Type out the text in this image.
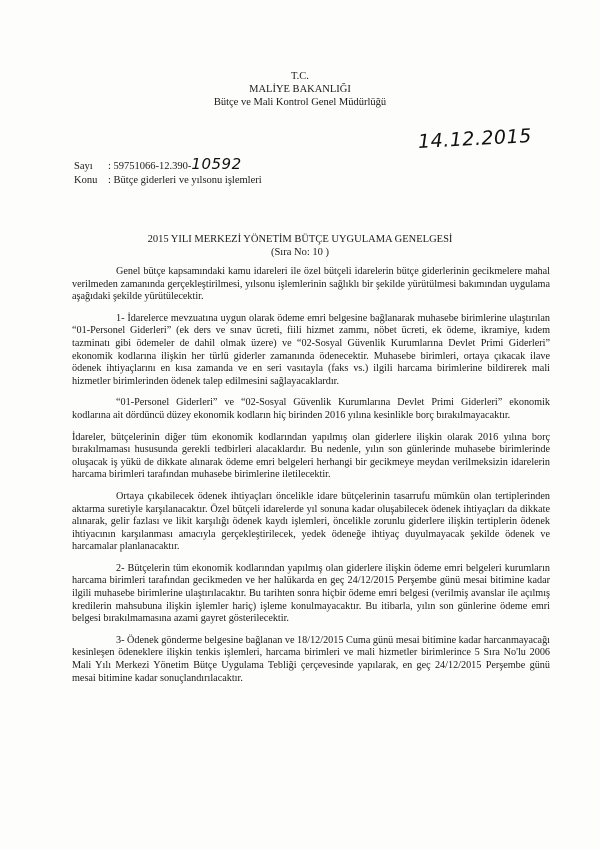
T.C.
MALİYE BAKANLIĞI
Bütçe ve Mali Kontrol Genel Müdürlüğü
Sayı : 59751066-12.390-10592
Konu : Bütçe giderleri ve yılsonu işlemleri
14.12.2015
2015 YILI MERKEZİ YÖNETİM BÜTÇE UYGULAMA GENELGESİ
(Sıra No: 10 )

Genel bütçe kapsamındaki kamu idareleri ile özel bütçeli idarelerin bütçe giderlerinin gecikmelere mahal verilmeden zamanında gerçekleştirilmesi, yılsonu işlemlerinin sağlıklı bir şekilde yürütülmesi bakımından uygulama aşağıdaki şekilde yürütülecektir.

1- İdarelerce mevzuatına uygun olarak ödeme emri belgesine bağlanarak muhasebe birimlerine ulaştırılan “01-Personel Giderleri” (ek ders ve sınav ücreti, fiili hizmet zammı, nöbet ücreti, ek ödeme, ikramiye, kıdem tazminatı gibi ödemeler de dahil olmak üzere) ve “02-Sosyal Güvenlik Kurumlarına Devlet Primi Giderleri” ekonomik kodlarına ilişkin her türlü giderler zamanında ödenecektir. Muhasebe birimleri, ortaya çıkacak ilave ödenek ihtiyaçlarını en kısa zamanda ve en seri vasıtayla (faks vs.) ilgili harcama birimlerine bildirerek mali hizmetler birimlerinden ödenek talep edilmesini sağlayacaklardır.

“01-Personel Giderleri” ve “02-Sosyal Güvenlik Kurumlarına Devlet Primi Giderleri” ekonomik kodlarına ait dördüncü düzey ekonomik kodların hiç birinden 2016 yılına kesinlikle borç bırakılmayacaktır.

İdareler, bütçelerinin diğer tüm ekonomik kodlarından yapılmış olan giderlere ilişkin olarak 2016 yılına borç bırakılmaması hususunda gerekli tedbirleri alacaklardır. Bu nedenle, yılın son günlerinde muhasebe birimlerinde oluşacak iş yükü de dikkate alınarak ödeme emri belgeleri herhangi bir gecikmeye meydan verilmeksizin idarelerin harcama birimleri tarafından muhasebe birimlerine iletilecektir.

Ortaya çıkabilecek ödenek ihtiyaçları öncelikle idare bütçelerinin tasarrufu mümkün olan tertiplerinden aktarma suretiyle karşılanacaktır. Özel bütçeli idarelerde yıl sonuna kadar oluşabilecek ödenek ihtiyaçları da dikkate alınarak, gelir fazlası ve likit karşılığı ödenek kaydı işlemleri, öncelikle zorunlu giderlere ilişkin tertiplerin ödenek ihtiyacının karşılanması amacıyla gerçekleştirilecek, yedek ödeneğe ihtiyaç duyulmayacak şekilde ödenek ve harcamalar planlanacaktır.

2- Bütçelerin tüm ekonomik kodlarından yapılmış olan giderlere ilişkin ödeme emri belgeleri kurumların harcama birimleri tarafından gecikmeden ve her halükarda en geç 24/12/2015 Perşembe günü mesai bitimine kadar ilgili muhasebe birimlerine ulaştırılacaktır. Bu tarihten sonra hiçbir ödeme emri belgesi (verilmiş avanslar ile açılmış kredilerin mahsubuna ilişkin işlemler hariç) işleme konulmayacaktır. Bu itibarla, yılın son günlerine ödeme emri belgesi bırakılmamasına azami gayret gösterilecektir.

3- Ödenek gönderme belgesine bağlanan ve 18/12/2015 Cuma günü mesai bitimine kadar harcanmayacağı kesinleşen ödeneklere ilişkin tenkis işlemleri, harcama birimleri ve mali hizmetler birimlerince 5 Sıra No'lu 2006 Mali Yılı Merkezi Yönetim Bütçe Uygulama Tebliği çerçevesinde yapılarak, en geç 24/12/2015 Perşembe günü mesai bitimine kadar sonuçlandırılacaktır.
